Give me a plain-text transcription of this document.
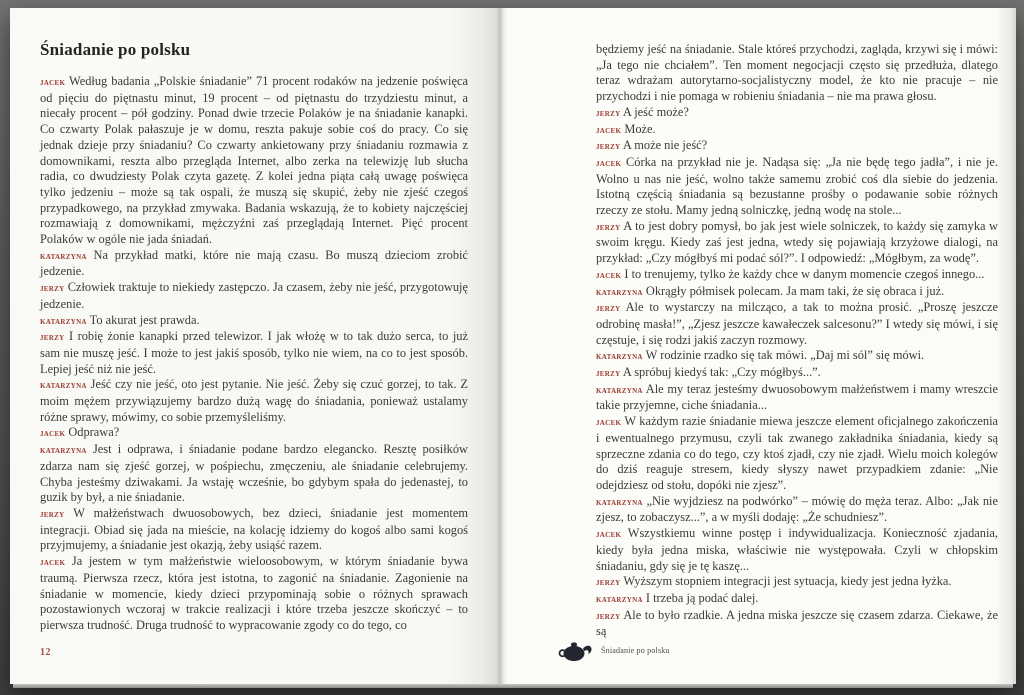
Śniadanie po polsku

jacek Według badania „Polskie śniadanie” 71 procent rodaków na jedzenie poświęca od pięciu do piętnastu minut, 19 procent – od piętnastu do trzydziestu minut, a niecały procent – pół godziny. Ponad dwie trzecie Polaków je na śniadanie kanapki. Co czwarty Polak pałaszuje je w domu, reszta pakuje sobie coś do pracy. Co się jednak dzieje przy śniadaniu? Co czwarty ankietowany przy śniadaniu rozmawia z domownikami, reszta albo przegląda Internet, albo zerka na telewizję lub słucha radia, co dwudziesty Polak czyta gazetę. Z kolei jedna piąta całą uwagę poświęca tylko jedzeniu – może są tak ospali, że muszą się skupić, żeby nie zjeść czegoś przypadkowego, na przykład zmywaka. Badania wskazują, że to kobiety najczęściej rozmawiają z domownikami, mężczyźni zaś przeglądają Internet. Pięć procent Polaków w ogóle nie jada śniadań.

katarzyna Na przykład matki, które nie mają czasu. Bo muszą dzieciom zrobić jedzenie.

jerzy Człowiek traktuje to niekiedy zastępczo. Ja czasem, żeby nie jeść, przygotowuję jedzenie.

katarzyna To akurat jest prawda.

jerzy I robię żonie kanapki przed telewizor. I jak włożę w to tak dużo serca, to już sam nie muszę jeść. I może to jest jakiś sposób, tylko nie wiem, na co to jest sposób. Lepiej jeść niż nie jeść.

katarzyna Jeść czy nie jeść, oto jest pytanie. Nie jeść. Żeby się czuć gorzej, to tak. Z moim mężem przywiązujemy bardzo dużą wagę do śniadania, ponieważ ustalamy różne sprawy, mówimy, co sobie przemyśleliśmy.

jacek Odprawa?

katarzyna Jest i odprawa, i śniadanie podane bardzo elegancko. Resztę posiłków zdarza nam się zjeść gorzej, w pośpiechu, zmęczeniu, ale śniadanie celebrujemy. Chyba jesteśmy dziwakami. Ja wstaję wcześnie, bo gdybym spała do jedenastej, to guzik by był, a nie śniadanie.

jerzy W małżeństwach dwuosobowych, bez dzieci, śniadanie jest momentem integracji. Obiad się jada na mieście, na kolację idziemy do kogoś albo sami kogoś przyjmujemy, a śniadanie jest okazją, żeby usiąść razem.

jacek Ja jestem w tym małżeństwie wieloosobowym, w którym śniadanie bywa traumą. Pierwsza rzecz, która jest istotna, to zagonić na śniadanie. Zagonienie na śniadanie w momencie, kiedy dzieci przypominają sobie o różnych sprawach pozostawionych wczoraj w trakcie realizacji i które trzeba jeszcze skończyć – to pierwsza trudność. Druga trudność to wypracowanie zgody co do tego, co

12

będziemy jeść na śniadanie. Stale któreś przychodzi, zagląda, krzywi się i mówi: „Ja tego nie chciałem”. Ten moment negocjacji często się przedłuża, dlatego teraz wdrażam autorytarno-socjalistyczny model, że kto nie pracuje – nie przychodzi i nie pomaga w robieniu śniadania – nie ma prawa głosu.

jerzy A jeść może?

jacek Może.

jerzy A może nie jeść?

jacek Córka na przykład nie je. Nadąsa się: „Ja nie będę tego jadła”, i nie je. Wolno u nas nie jeść, wolno także samemu zrobić coś dla siebie do jedzenia. Istotną częścią śniadania są bezustanne prośby o podawanie sobie różnych rzeczy ze stołu. Mamy jedną solniczkę, jedną wodę na stole...

jerzy A to jest dobry pomysł, bo jak jest wiele solniczek, to każdy się zamyka w swoim kręgu. Kiedy zaś jest jedna, wtedy się pojawiają krzyżowe dialogi, na przykład: „Czy mógłbyś mi podać sól?”. I odpowiedź: „Mógłbym, za wodę”.

jacek I to trenujemy, tylko że każdy chce w danym momencie czegoś innego...

katarzyna Okrągły półmisek polecam. Ja mam taki, że się obraca i już.

jerzy Ale to wystarczy na milcząco, a tak to można prosić. „Proszę jeszcze odrobinę masła!”, „Zjesz jeszcze kawałeczek salcesonu?” I wtedy się mówi, i się częstuje, i się rodzi jakiś zaczyn rozmowy.

katarzyna W rodzinie rzadko się tak mówi. „Daj mi sól” się mówi.

jerzy A spróbuj kiedyś tak: „Czy mógłbyś...”.

katarzyna Ale my teraz jesteśmy dwuosobowym małżeństwem i mamy wreszcie takie przyjemne, ciche śniadania...

jacek W każdym razie śniadanie miewa jeszcze element oficjalnego zakończenia i ewentualnego przymusu, czyli tak zwanego zakładnika śniadania, kiedy są sprzeczne zdania co do tego, czy ktoś zjadł, czy nie zjadł. Wielu moich kolegów do dziś reaguje stresem, kiedy słyszy nawet przypadkiem zdanie: „Nie odejdziesz od stołu, dopóki nie zjesz”.

katarzyna „Nie wyjdziesz na podwórko” – mówię do męża teraz. Albo: „Jak nie zjesz, to zobaczysz...”, a w myśli dodaję: „Że schudniesz”.

jacek Wszystkiemu winne postęp i indywidualizacja. Konieczność zjadania, kiedy była jedna miska, właściwie nie występowała. Czyli w chłopskim śniadaniu, gdy się je tę kaszę...

jerzy Wyższym stopniem integracji jest sytuacja, kiedy jest jedna łyżka.

katarzyna I trzeba ją podać dalej.

jerzy Ale to było rzadkie. A jedna miska jeszcze się czasem zdarza. Ciekawe, że są

Śniadanie po polsku
